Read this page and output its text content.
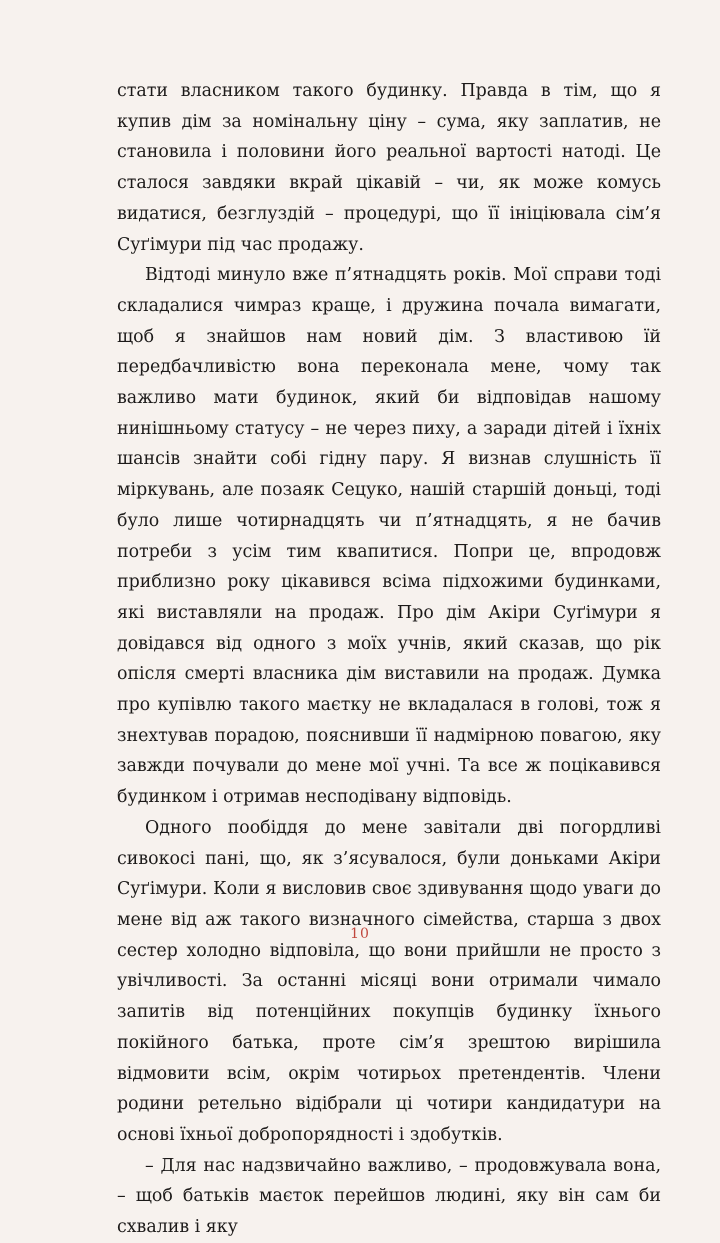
стати власником такого будинку. Правда в тім, що я купив дім за номінальну ціну – сума, яку заплатив, не становила і половини його реальної вартості натоді. Це сталося завдяки вкрай цікавій – чи, як може комусь видатися, безглуздій – процедурі, що її ініціювала сім’я Суґімури під час продажу.

Відтоді минуло вже п’ятнадцять років. Мої справи тоді складалися чимраз краще, і дружина почала вимагати, щоб я знайшов нам новий дім. З властивою їй передбачливістю вона переконала мене, чому так важливо мати будинок, який би відповідав нашому нинішньому статусу – не через пиху, а заради дітей і їхніх шансів знайти собі гідну пару. Я визнав слушність її міркувань, але позаяк Сецуко, нашій старшій доньці, тоді було лише чотирнадцять чи п’ятнадцять, я не бачив потреби з усім тим квапитися. Попри це, впродовж приблизно року цікавився всіма підхожими будинками, які виставляли на продаж. Про дім Акіри Суґімури я довідався від одного з моїх учнів, який сказав, що рік опісля смерті власника дім виставили на продаж. Думка про купівлю такого маєтку не вкладалася в голові, тож я знехтував порадою, пояснивши її надмірною повагою, яку завжди почували до мене мої учні. Та все ж поцікавився будинком і отримав несподівану відповідь.

Одного пообіддя до мене завітали дві погордливі сивокосі пані, що, як з’ясувалося, були доньками Акіри Суґімури. Коли я висловив своє здивування щодо уваги до мене від аж такого визначного сімейства, старша з двох сестер холодно відповіла, що вони прийшли не просто з увічливості. За останні місяці вони отримали чимало запитів від потенційних покупців будинку їхнього покійного батька, проте сім’я зрештою вирішила відмовити всім, окрім чотирьох претендентів. Члени родини ретельно відібрали ці чотири кандидатури на основі їхньої добропорядності і здобутків.

– Для нас надзвичайно важливо, – продовжувала вона, – щоб батьків маєток перейшов людині, яку він сам би схвалив і яку

10
